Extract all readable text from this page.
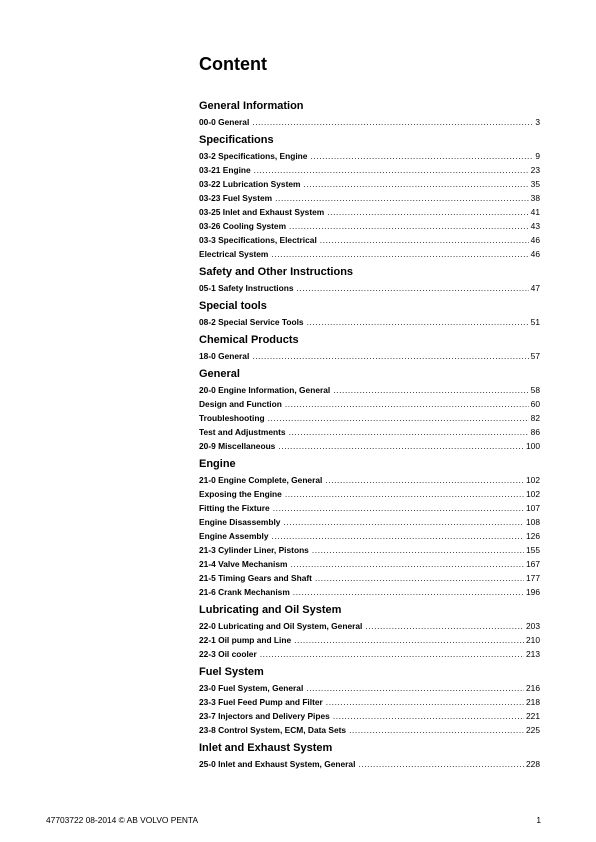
Content
General Information
00-0 General .....	3
Specifications
03-2 Specifications, Engine .....	9
03-21 Engine .....	23
03-22 Lubrication System .....	35
03-23 Fuel System .....	38
03-25 Inlet and Exhaust System .....	41
03-26 Cooling System .....	43
03-3 Specifications, Electrical .....	46
Electrical System .....	46
Safety and Other Instructions
05-1 Safety Instructions .....	47
Special tools
08-2 Special Service Tools .....	51
Chemical Products
18-0 General .....	57
General
20-0 Engine Information, General .....	58
Design and Function .....	60
Troubleshooting .....	82
Test and Adjustments .....	86
20-9 Miscellaneous .....	100
Engine
21-0 Engine Complete, General .....	102
Exposing the Engine .....	102
Fitting the Fixture .....	107
Engine Disassembly .....	108
Engine Assembly .....	126
21-3 Cylinder Liner, Pistons .....	155
21-4 Valve Mechanism .....	167
21-5 Timing Gears and Shaft .....	177
21-6 Crank Mechanism .....	196
Lubricating and Oil System
22-0 Lubricating and Oil System, General .....	203
22-1 Oil pump and Line .....	210
22-3 Oil cooler .....	213
Fuel System
23-0 Fuel System, General .....	216
23-3 Fuel Feed Pump and Filter .....	218
23-7 Injectors and Delivery Pipes .....	221
23-8 Control System, ECM, Data Sets .....	225
Inlet and Exhaust System
25-0 Inlet and Exhaust System, General .....	228
47703722 08-2014 © AB VOLVO PENTA	1
